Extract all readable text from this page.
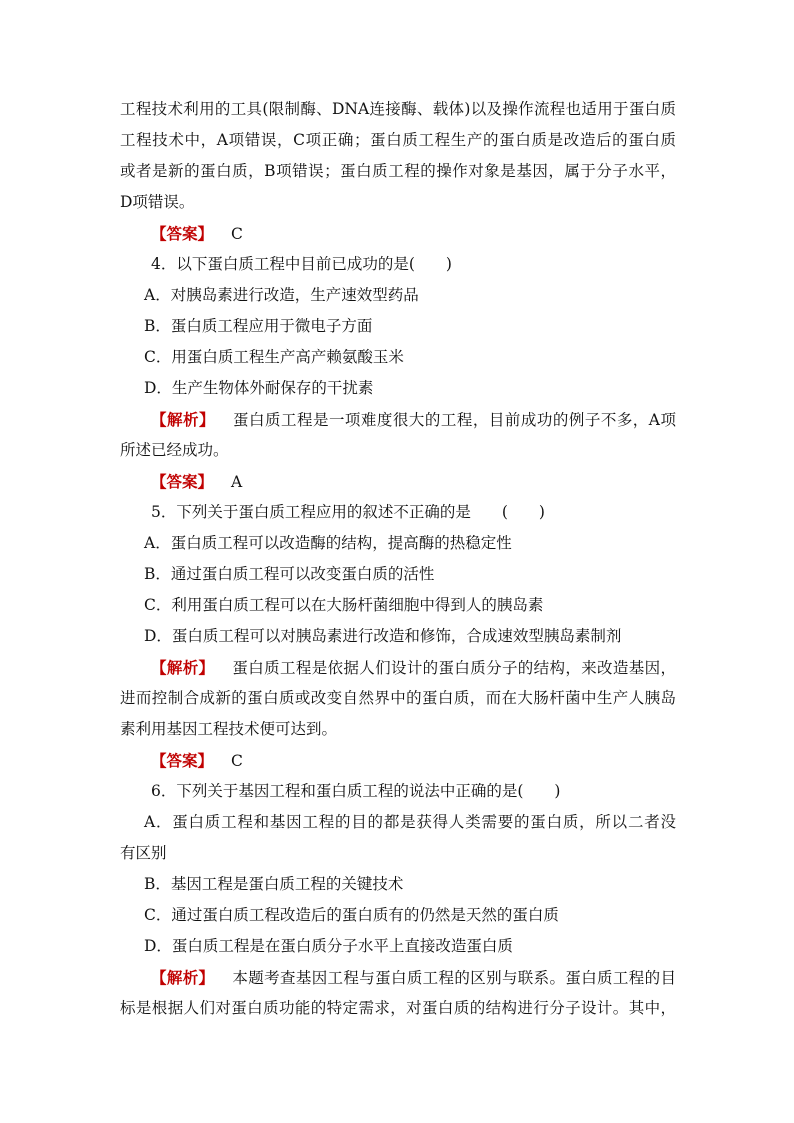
工程技术利用的工具(限制酶、DNA连接酶、载体)以及操作流程也适用于蛋白质
工程技术中，A项错误，C项正确；蛋白质工程生产的蛋白质是改造后的蛋白质
或者是新的蛋白质，B项错误；蛋白质工程的操作对象是基因，属于分子水平，
D项错误。
【答案】 C
4．以下蛋白质工程中目前已成功的是(　　)
A．对胰岛素进行改造，生产速效型药品
B．蛋白质工程应用于微电子方面
C．用蛋白质工程生产高产赖氨酸玉米
D．生产生物体外耐保存的干扰素
【解析】 蛋白质工程是一项难度很大的工程，目前成功的例子不多，A项
所述已经成功。
【答案】 A
5．下列关于蛋白质工程应用的叙述不正确的是　　(　　)
A．蛋白质工程可以改造酶的结构，提高酶的热稳定性
B．通过蛋白质工程可以改变蛋白质的活性
C．利用蛋白质工程可以在大肠杆菌细胞中得到人的胰岛素
D．蛋白质工程可以对胰岛素进行改造和修饰，合成速效型胰岛素制剂
【解析】 蛋白质工程是依据人们设计的蛋白质分子的结构，来改造基因，
进而控制合成新的蛋白质或改变自然界中的蛋白质，而在大肠杆菌中生产人胰岛
素利用基因工程技术便可达到。
【答案】 C
6．下列关于基因工程和蛋白质工程的说法中正确的是(　　)
A．蛋白质工程和基因工程的目的都是获得人类需要的蛋白质，所以二者没
有区别
B．基因工程是蛋白质工程的关键技术
C．通过蛋白质工程改造后的蛋白质有的仍然是天然的蛋白质
D．蛋白质工程是在蛋白质分子水平上直接改造蛋白质
【解析】 本题考查基因工程与蛋白质工程的区别与联系。蛋白质工程的目
标是根据人们对蛋白质功能的特定需求，对蛋白质的结构进行分子设计。其中，
